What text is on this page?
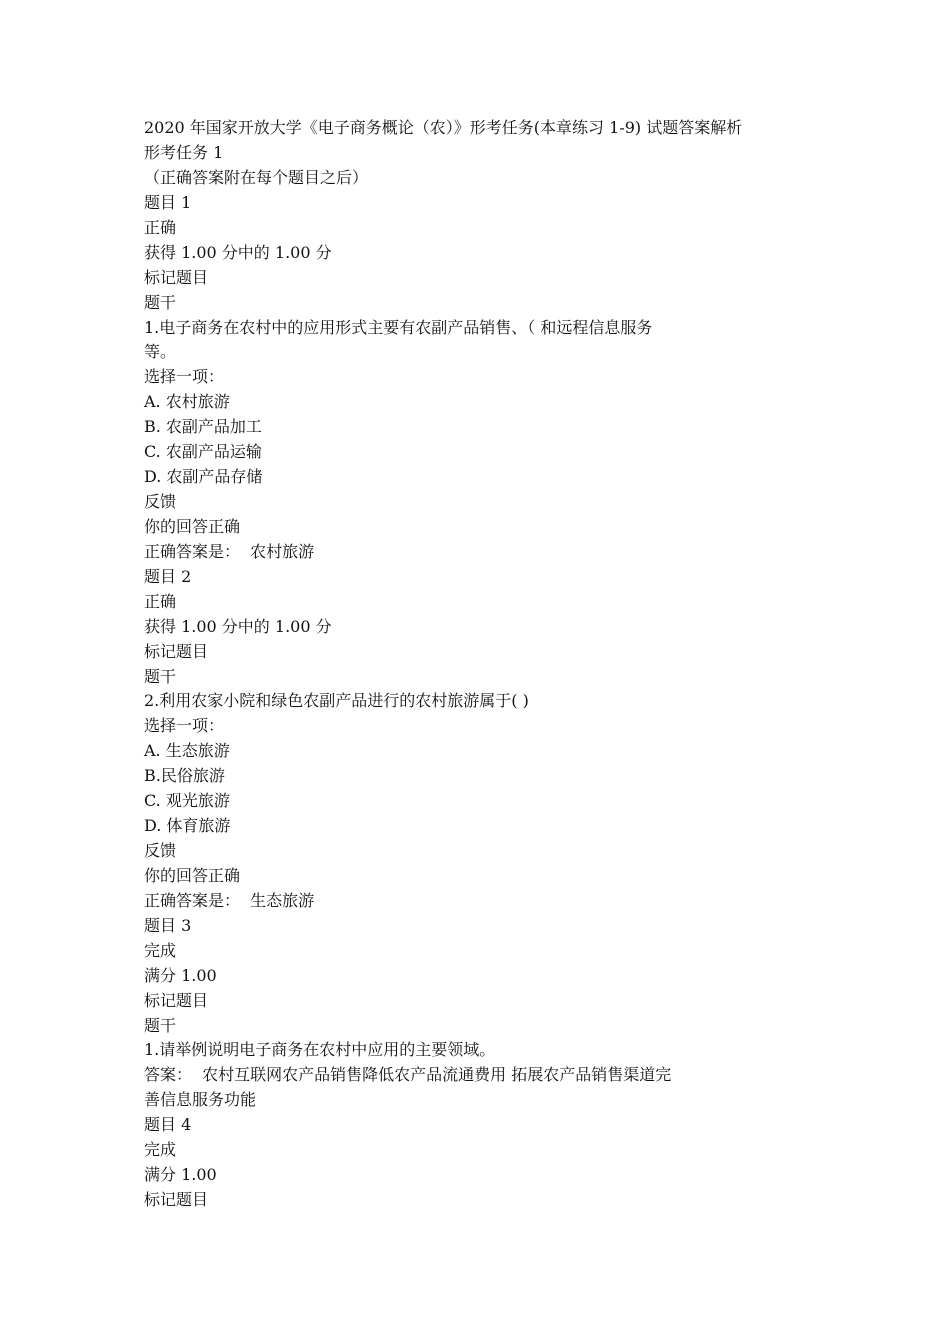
2020 年国家开放大学《电子商务概论（农）》形考任务(本章练习 1-9) 试题答案解析

形考任务 1

（正确答案附在每个题目之后）

题目 1

正确

获得 1.00 分中的 1.00 分

标记题目

题干

1.电子商务在农村中的应用形式主要有农副产品销售、（ 和远程信息服务

等。

选择一项：

A. 农村旅游

B. 农副产品加工

C. 农副产品运输

D. 农副产品存储

反馈

你的回答正确

正确答案是：  农村旅游

题目 2

正确

获得 1.00 分中的 1.00 分

标记题目

题干

2.利用农家小院和绿色农副产品进行的农村旅游属于( )

选择一项：

A. 生态旅游

B.民俗旅游

C. 观光旅游

D. 体育旅游

反馈

你的回答正确

正确答案是：  生态旅游

题目 3

完成

满分 1.00

标记题目

题干

1.请举例说明电子商务在农村中应用的主要领域。

答案：  农村互联网农产品销售降低农产品流通费用 拓展农产品销售渠道完

善信息服务功能

题目 4

完成

满分 1.00

标记题目
